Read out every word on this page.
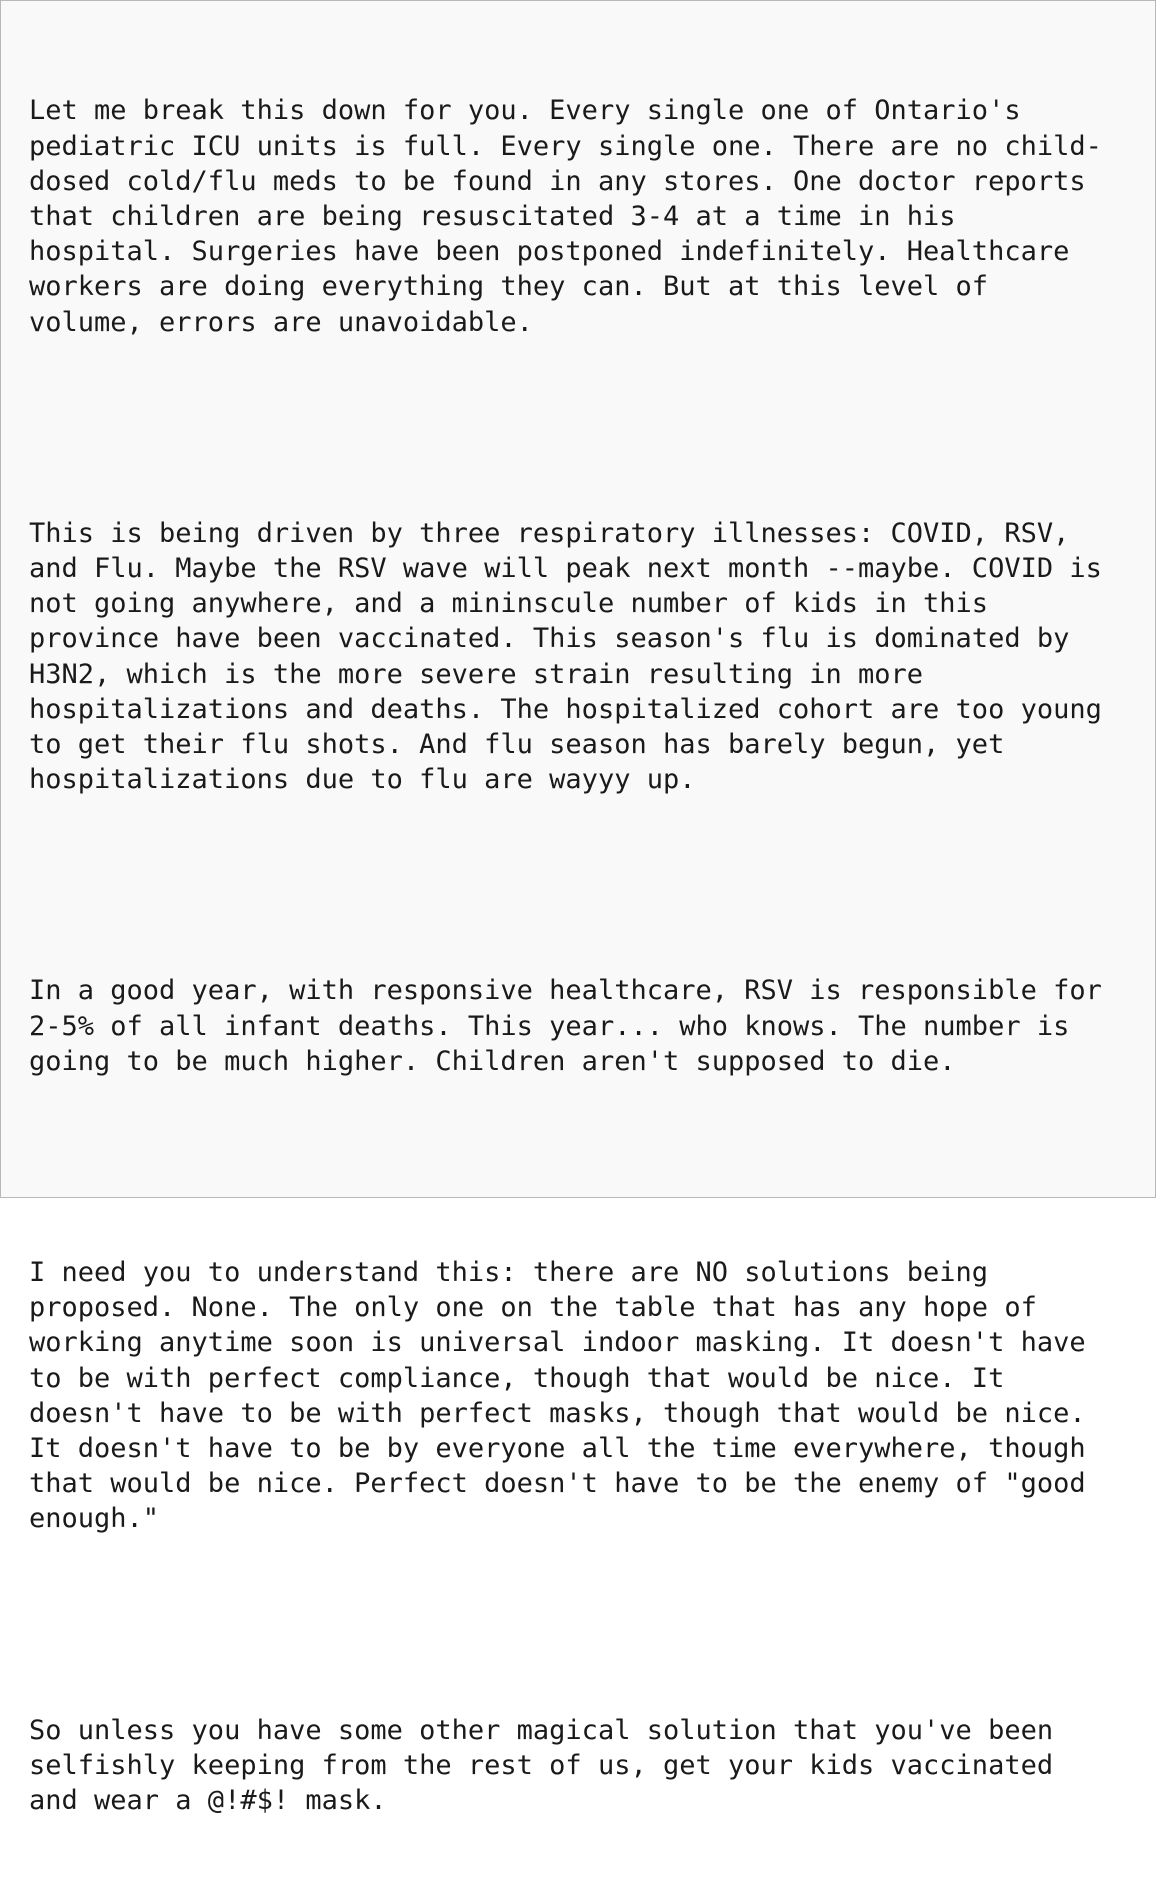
Let me break this down for you. Every single one of Ontario's
pediatric ICU units is full. Every single one. There are no child-
dosed cold/flu meds to be found in any stores. One doctor reports
that children are being resuscitated 3-4 at a time in his
hospital. Surgeries have been postponed indefinitely. Healthcare
workers are doing everything they can. But at this level of
volume, errors are unavoidable.

This is being driven by three respiratory illnesses: COVID, RSV,
and Flu. Maybe the RSV wave will peak next month --maybe. COVID is
not going anywhere, and a mininscule number of kids in this
province have been vaccinated. This season's flu is dominated by
H3N2, which is the more severe strain resulting in more
hospitalizations and deaths. The hospitalized cohort are too young
to get their flu shots. And flu season has barely begun, yet
hospitalizations due to flu are wayyy up.

In a good year, with responsive healthcare, RSV is responsible for
2-5% of all infant deaths. This year... who knows. The number is
going to be much higher. Children aren't supposed to die.

I need you to understand this: there are NO solutions being
proposed. None. The only one on the table that has any hope of
working anytime soon is universal indoor masking. It doesn't have
to be with perfect compliance, though that would be nice. It
doesn't have to be with perfect masks, though that would be nice.
It doesn't have to be by everyone all the time everywhere, though
that would be nice. Perfect doesn't have to be the enemy of "good
enough."

So unless you have some other magical solution that you've been
selfishly keeping from the rest of us, get your kids vaccinated
and wear a @!#$! mask.
